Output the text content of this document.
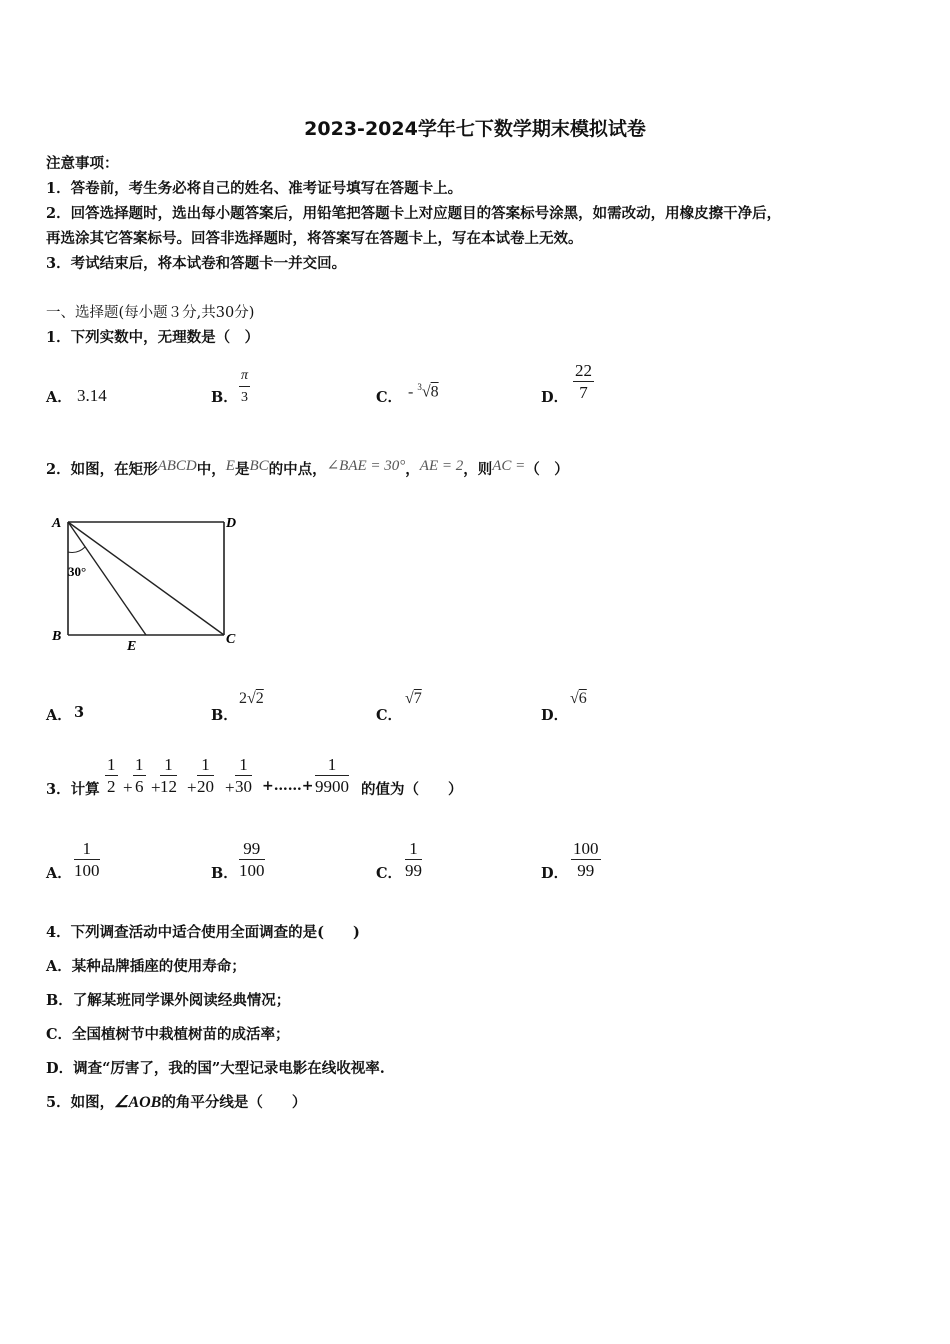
2023-2024学年七下数学期末模拟试卷
注意事项：
1．答卷前，考生务必将自己的姓名、准考证号填写在答题卡上。
2．回答选择题时，选出每小题答案后，用铅笔把答题卡上对应题目的答案标号涂黑，如需改动，用橡皮擦干净后，
再选涂其它答案标号。回答非选择题时，将答案写在答题卡上，写在本试卷上无效。
3．考试结束后，将本试卷和答题卡一并交回。
一、选择题(每小题３分,共30分)
1．下列实数中，无理数是（　）
A． 3.14	B． $\frac{\pi}{3}$	C． - $^3$√8	D． $\frac{22}{7}$
2．如图，在矩形ABCD中，E是BC的中点，∠BAE = 30°，AE = 2，则AC =（　）
A	D
B	C
E
30°
A． 3	B．
2√2
C．
√7
D．
√6
3．计算 $\frac{1}{2} + \frac{1}{6} + \frac{1}{12} + \frac{1}{20} + \frac{1}{30}$ +……+ $\frac{1}{9900}$ 的值为（　　）
A． $\frac{1}{100}$	B． $\frac{99}{100}$	C． $\frac{1}{99}$	D． $\frac{100}{99}$
4．下列调查活动中适合使用全面调查的是(　　)
A．某种品牌插座的使用寿命；
B．了解某班同学课外阅读经典情况；
C．全国植树节中栽植树苗的成活率；
D．调查“厉害了，我的国”大型记录电影在线收视率.
5．如图，∠AOB的角平分线是（　　）
